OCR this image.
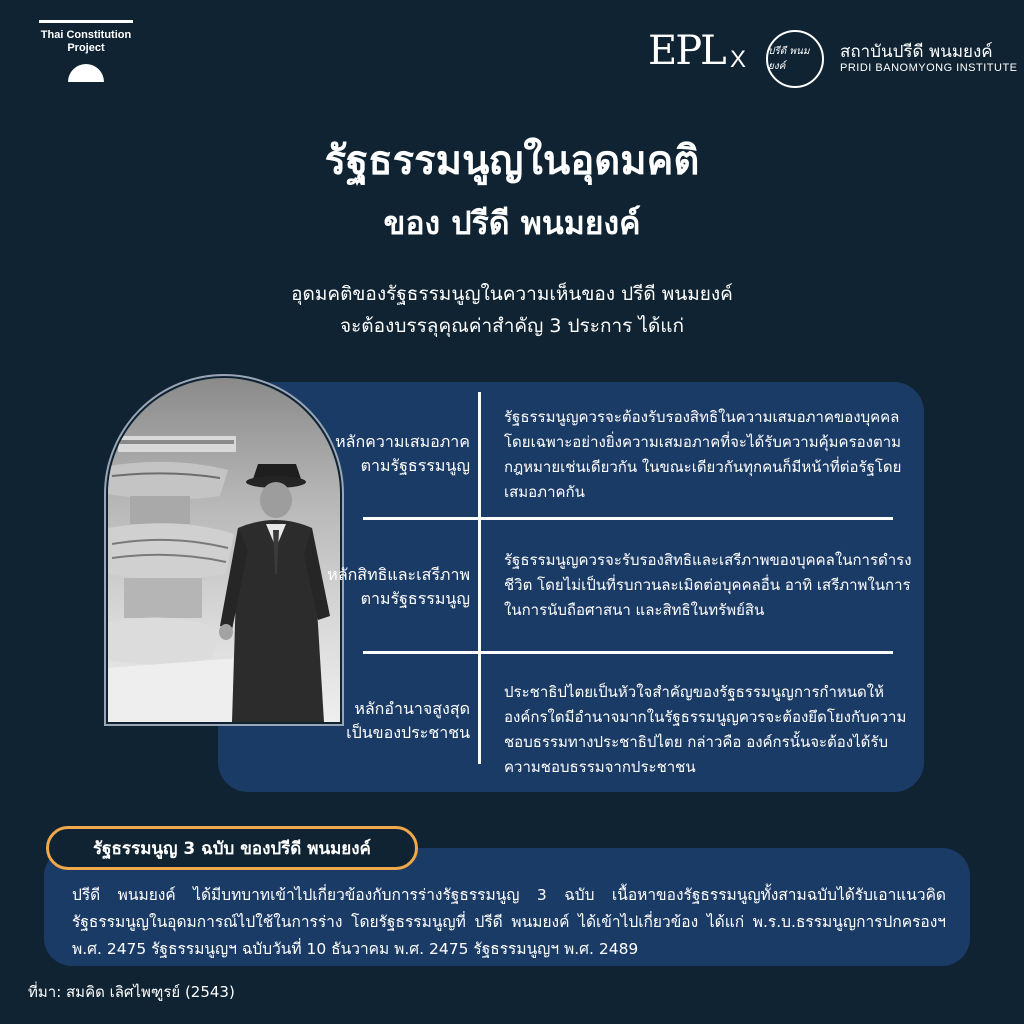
Thai Constitution Project	EPL X ปรีดี พนมยงค์
สถาบันปรีดี พนมยงค์
PRIDI BANOMYONG INSTITUTE
รัฐธรรมนูญในอุดมคติ
ของ ปรีดี พนมยงค์
อุดมคติของรัฐธรรมนูญในความเห็นของ ปรีดี พนมยงค์
จะต้องบรรลุคุณค่าสำคัญ 3 ประการ ได้แก่
หลักความเสมอภาค
ตามรัฐธรรมนูญ
รัฐธรรมนูญควรจะต้องรับรองสิทธิในความเสมอภาคของบุคคล โดยเฉพาะอย่างยิ่งความเสมอภาคที่จะได้รับความคุ้มครองตามกฎหมายเช่นเดียวกัน ในขณะเดียวกันทุกคนก็มีหน้าที่ต่อรัฐโดยเสมอภาคกัน
หลักสิทธิและเสรีภาพ
ตามรัฐธรรมนูญ
รัฐธรรมนูญควรจะรับรองสิทธิและเสรีภาพของบุคคลในการดำรงชีวิต โดยไม่เป็นที่รบกวนละเมิดต่อบุคคลอื่น อาทิ เสรีภาพในการในการนับถือศาสนา และสิทธิในทรัพย์สิน
หลักอำนาจสูงสุด
เป็นของประชาชน
ประชาธิปไตยเป็นหัวใจสำคัญของรัฐธรรมนูญการกำหนดให้องค์กรใดมีอำนาจมากในรัฐธรรมนูญควรจะต้องยึดโยงกับความชอบธรรมทางประชาธิปไตย กล่าวคือ องค์กรนั้นจะต้องได้รับความชอบธรรมจากประชาชน
รัฐธรรมนูญ 3 ฉบับ ของปรีดี พนมยงค์
ปรีดี พนมยงค์ ได้มีบทบาทเข้าไปเกี่ยวข้องกับการร่างรัฐธรรมนูญ 3 ฉบับ เนื้อหาของรัฐธรรมนูญทั้งสามฉบับได้รับเอาแนวคิดรัฐธรรมนูญในอุดมการณ์ไปใช้ในการร่าง โดยรัฐธรรมนูญที่ ปรีดี พนมยงค์ ได้เข้าไปเกี่ยวข้อง ได้แก่ พ.ร.บ.ธรรมนูญการปกครองฯ พ.ศ. 2475 รัฐธรรมนูญฯ ฉบับวันที่ 10 ธันวาคม พ.ศ. 2475 รัฐธรรมนูญฯ พ.ศ. 2489
ที่มา: สมคิด เลิศไพฑูรย์ (2543)
